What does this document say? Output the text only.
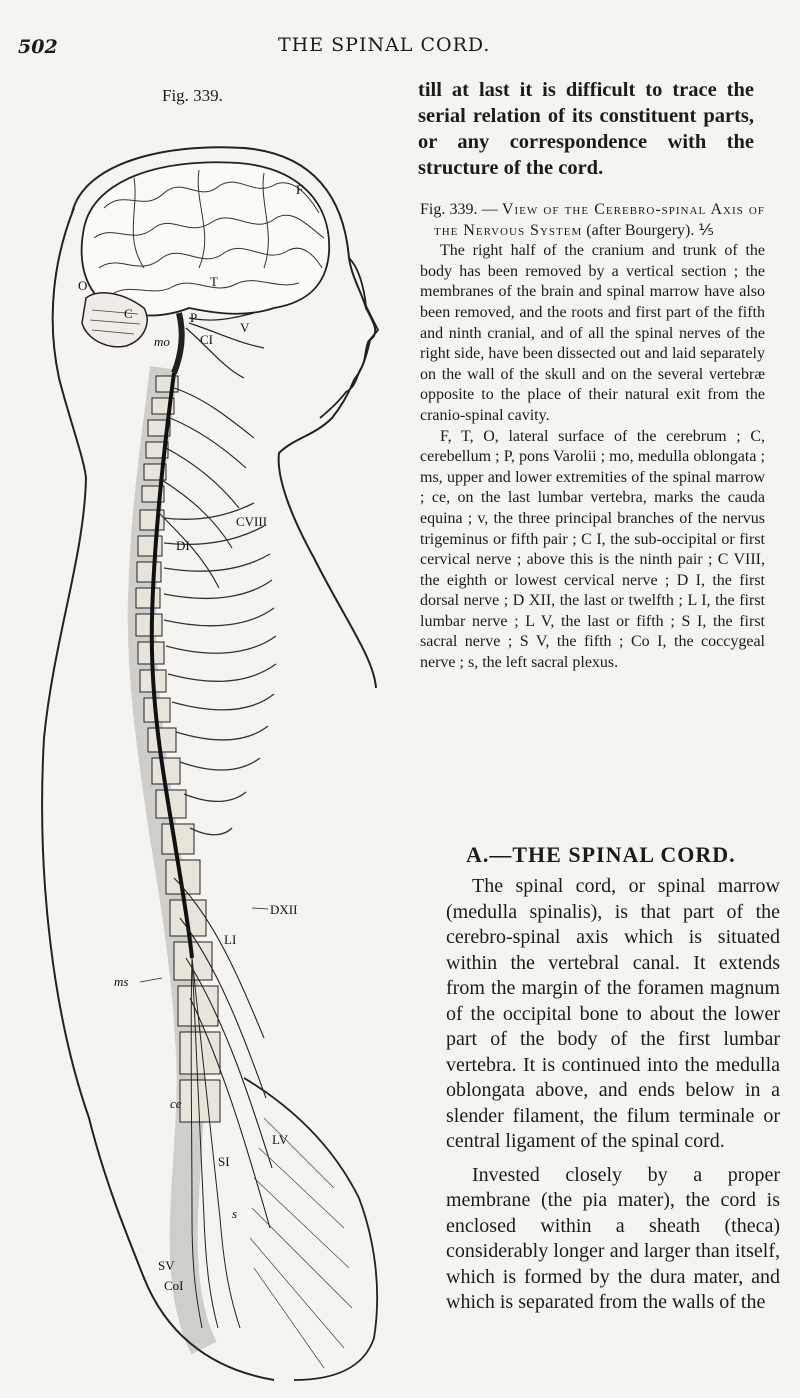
502	THE SPINAL CORD.
Fig. 339.
F
O	T
P
V
C
mo CI
CVIII
DI
DXII
LI
ms
ce
LV
SI
s
SV
CoI
till at last it is difficult to trace the serial relation of its constituent parts, or any correspondence with the structure of the cord.
Fig. 339. — View of the Cerebro-spinal Axis of the Nervous System (after Bourgery). ⅕

The right half of the cranium and trunk of the body has been removed by a vertical section ; the membranes of the brain and spinal marrow have also been removed, and the roots and first part of the fifth and ninth cranial, and of all the spinal nerves of the right side, have been dissected out and laid separately on the wall of the skull and on the several vertebræ opposite to the place of their natural exit from the cranio-spinal cavity.

F, T, O, lateral surface of the cerebrum ; C, cerebellum ; P, pons Varolii ; mo, medulla oblongata ; ms, upper and lower extremities of the spinal marrow ; ce, on the last lumbar vertebra, marks the cauda equina ; v, the three principal branches of the nervus trigeminus or fifth pair ; C I, the sub-occipital or first cervical nerve ; above this is the ninth pair ; C VIII, the eighth or lowest cervical nerve ; D I, the first dorsal nerve ; D XII, the last or twelfth ; L I, the first lumbar nerve ; L V, the last or fifth ; S I, the first sacral nerve ; S V, the fifth ; Co I, the coccygeal nerve ; s, the left sacral plexus.

A.—THE SPINAL CORD.

The spinal cord, or spinal marrow (medulla spinalis), is that part of the cerebro-spinal axis which is situated within the vertebral canal. It extends from the margin of the foramen magnum of the occipital bone to about the lower part of the body of the first lumbar vertebra. It is continued into the medulla oblongata above, and ends below in a slender filament, the filum terminale or central ligament of the spinal cord.

Invested closely by a proper membrane (the pia mater), the cord is enclosed within a sheath (theca) considerably longer and larger than itself, which is formed by the dura mater, and which is separated from the walls of the
